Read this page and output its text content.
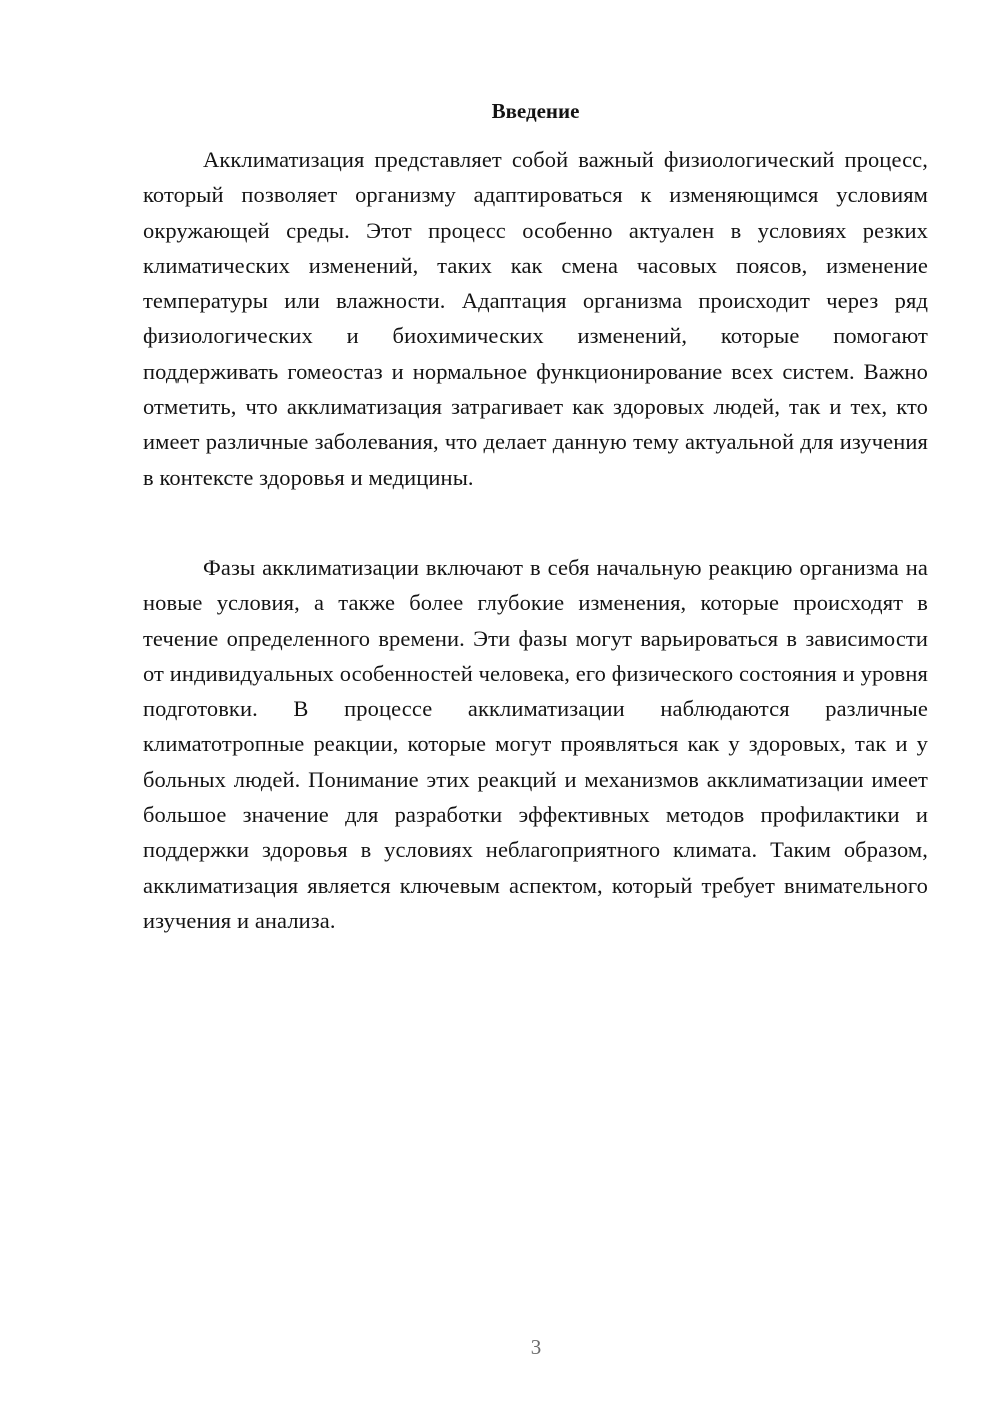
Введение

Акклиматизация представляет собой важный физиологический процесс, который позволяет организму адаптироваться к изменяющимся условиям окружающей среды. Этот процесс особенно актуален в условиях резких климатических изменений, таких как смена часовых поясов, изменение температуры или влажности. Адаптация организма происходит через ряд физиологических и биохимических изменений, которые помогают поддерживать гомеостаз и нормальное функционирование всех систем. Важно отметить, что акклиматизация затрагивает как здоровых людей, так и тех, кто имеет различные заболевания, что делает данную тему актуальной для изучения в контексте здоровья и медицины.

Фазы акклиматизации включают в себя начальную реакцию организма на новые условия, а также более глубокие изменения, которые происходят в течение определенного времени. Эти фазы могут варьироваться в зависимости от индивидуальных особенностей человека, его физического состояния и уровня подготовки. В процессе акклиматизации наблюдаются различные климатотропные реакции, которые могут проявляться как у здоровых, так и у больных людей. Понимание этих реакций и механизмов акклиматизации имеет большое значение для разработки эффективных методов профилактики и поддержки здоровья в условиях неблагоприятного климата. Таким образом, акклиматизация является ключевым аспектом, который требует внимательного изучения и анализа.

3
